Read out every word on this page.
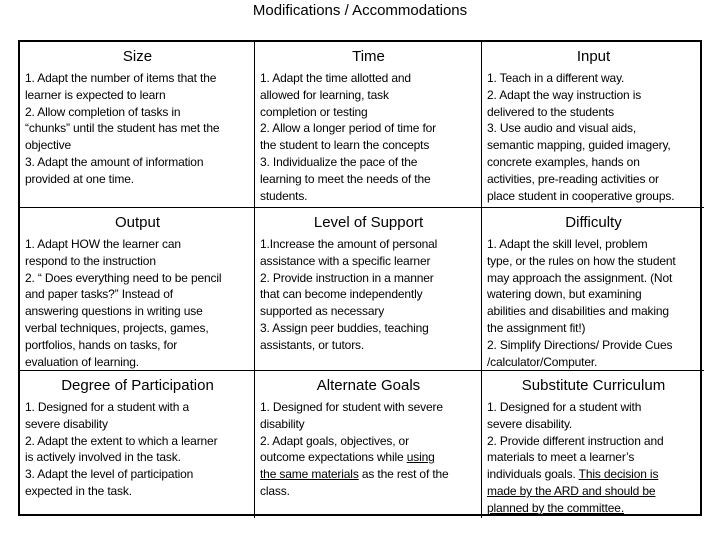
Modifications / Accommodations
Size
1. Adapt the number of items that the
learner is expected to learn
2. Allow completion of tasks in
“chunks” until the student has met the
objective
3. Adapt the amount of information
provided at one time.
Time
1. Adapt the time allotted and
allowed for learning, task
completion or testing
2. Allow a longer period of time for
the student to learn the concepts
3. Individualize the pace of the
learning to meet the needs of the
students.
Input
1. Teach in a different way.
2. Adapt the way instruction is
delivered to the students
3. Use audio and visual aids,
semantic mapping, guided imagery,
concrete examples, hands on
activities, pre-reading activities or
place student in cooperative groups.
Output
1. Adapt HOW the learner can
respond to the instruction
2. “ Does everything need to be pencil
and paper tasks?” Instead of
answering questions in writing use
verbal techniques, projects, games,
portfolios, hands on tasks, for
evaluation of learning.
Level of Support
1.Increase the amount of personal
assistance with a specific learner
2. Provide instruction in a manner
that can become independently
supported as necessary
3. Assign peer buddies, teaching
assistants, or tutors.
Difficulty
1. Adapt the skill level, problem
type, or the rules on how the student
may approach the assignment. (Not
watering down, but examining
abilities and disabilities and making
the assignment fit!)
2. Simplify Directions/ Provide Cues
/calculator/Computer.
Degree of Participation
1. Designed for a student with a
severe disability
2. Adapt the extent to which a learner
is actively involved in the task.
3. Adapt the level of participation
expected in the task.
Alternate Goals
1. Designed for student with severe
disability
2. Adapt goals, objectives, or
outcome expectations while using
the same materials as the rest of the
class.
Substitute Curriculum
1. Designed for a student with
severe disability.
2. Provide different instruction and
materials to meet a learner’s
individuals goals. This decision is
made by the ARD and should be
planned by the committee.
